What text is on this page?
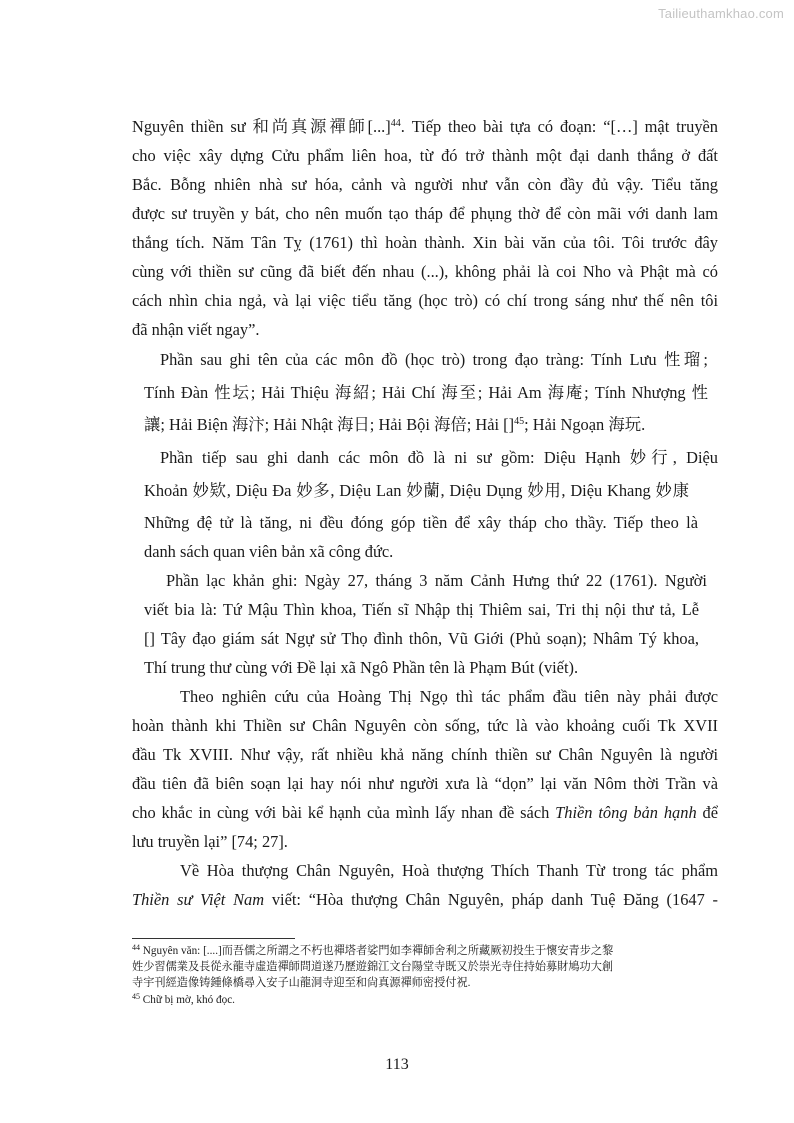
Tailieuthamkhao.com
Nguyên thiền sư 和尚真源禪師[...]$^{44}$. Tiếp theo bài tựa có đoạn: “[…] mật truyền
cho việc xây dựng Cửu phẩm liên hoa, từ đó trở thành một đại danh thắng ở đất
Bắc. Bỗng nhiên nhà sư hóa, cảnh và người như vẫn còn đầy đủ vậy. Tiểu tăng
được sư truyền y bát, cho nên muốn tạo tháp để phụng thờ để còn mãi với danh lam
thắng tích. Năm Tân Tỵ (1761) thì hoàn thành. Xin bài văn của tôi. Tôi trước đây
cùng với thiền sư cũng đã biết đến nhau (...), không phải là coi Nho và Phật mà có
cách nhìn chia ngả, và lại việc tiểu tăng (học trò) có chí trong sáng như thế nên tôi
đã nhận viết ngay”.
Phần sau ghi tên của các môn đồ (học trò) trong đạo tràng: Tính Lưu 性瑠;
Tính Đàn 性坛; Hải Thiệu 海紹; Hải Chí 海至; Hải Am 海庵; Tính Nhượng 性
讓; Hải Biện 海汴; Hải Nhật 海日; Hải Bội 海倍; Hải []$^{45}$; Hải Ngoạn 海玩.
Phần tiếp sau ghi danh các môn đồ là ni sư gồm: Diệu Hạnh 妙行, Diệu
Khoản 妙欵, Diệu Đa 妙多, Diệu Lan 妙蘭, Diệu Dụng 妙用, Diệu Khang 妙康
Những đệ tử là tăng, ni đều đóng góp tiền để xây tháp cho thầy. Tiếp theo là
danh sách quan viên bản xã công đức.
Phần lạc khản ghi: Ngày 27, tháng 3 năm Cảnh Hưng thứ 22 (1761). Người
viết bia là: Tứ Mậu Thìn khoa, Tiến sĩ Nhập thị Thiêm sai, Tri thị nội thư tả, Lễ
[] Tây đạo giám sát Ngự sử Thọ đình thôn, Vũ Giới (Phủ soạn); Nhâm Tý khoa,
Thí trung thư cùng với Đề lại xã Ngô Phần tên là Phạm Bút (viết).
Theo nghiên cứu của Hoàng Thị Ngọ thì tác phẩm đầu tiên này phải được
hoàn thành khi Thiền sư Chân Nguyên còn sống, tức là vào khoảng cuối Tk XVII
đầu Tk XVIII. Như vậy, rất nhiều khả năng chính thiền sư Chân Nguyên là người
đầu tiên đã biên soạn lại hay nói như người xưa là “dọn” lại văn Nôm thời Trần và
cho khắc in cùng với bài kể hạnh của mình lấy nhan đề sách Thiền tông bản hạnh để
lưu truyền lại” [74; 27].
Về Hòa thượng Chân Nguyên, Hoà thượng Thích Thanh Từ trong tác phẩm
Thiền sư Việt Nam viết: “Hòa thượng Chân Nguyên, pháp danh Tuệ Đăng (1647 -
$^{44}$ Nguyên văn: [....]而吾儒之所謂之不朽也禪塔者娑門如李禪師舍利之所藏厥初投生于懷安青步之黎
姓少習儒業及長從永龍寺虛造禪師問道遂乃歷遊錦江文台陽堂寺既又於崇光寺住持始募財鳩功大創
寺宇刊經造像铸鍾條橋尋入安子山龍洞寺迎至和尙真源禪师密授付祝.
$^{45}$ Chữ bị mờ, khó đọc.
113
